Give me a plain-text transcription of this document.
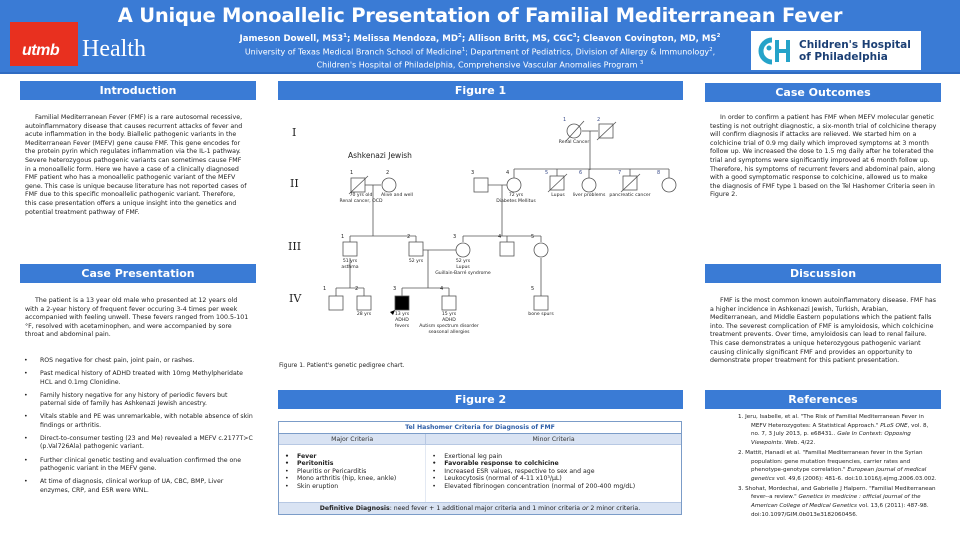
utmb Health
A Unique Monoallelic Presentation of Familial Mediterranean Fever
Jameson Dowell, $MS3^1$; Melissa Mendoza, $MD^2$; Allison Britt, MS, CGC$^3$; Cleavon Covington, MD, $MS^2$
University of Texas Medical Branch School of Medicine$^1$; Department of Pediatrics, Division of Allergy & Immunology$^2$,
Children's Hospital of Philadelphia, Comprehensive Vascular Anomalies Program $^3$
Children's Hospital
of Philadelphia
Introduction
Familial Mediterranean Fever (FMF) is a rare autosomal recessive, autoinflammatory disease that causes recurrent attacks of fever and acute inflammation in the body. Biallelic pathogenic variants in the Mediterranean Fever (MEFV) gene cause FMF. This gene encodes for the protein pyrin which regulates inflammation via the IL-1 pathway. Severe heterozygous pathogenic variants can sometimes cause FMF in a monoallelic form. Here we have a case of a clinically diagnosed FMF patient who has a monoallelic pathogenic variant of the MEFV gene. This case is unique because literature has not reported cases of FMF due to this specific monoallelic pathogenic variant. Therefore, this case presentation offers a unique insight into the genetics and potential treatment pathway of FMF.
Case Presentation
The patient is a 13 year old male who presented at 12 years old with a 2-year history of frequent fever occuring 3-4 times per week accompanied with feeling unwell. These fevers ranged from 100.5-101 °F, resolved with acetaminophen, and were accompanied by sore throat and abdominal pain.
• ROS negative for chest pain, joint pain, or rashes.
• Past medical history of ADHD treated with 10mg Methylpheridate HCL and 0.1mg Clonidine.
• Family history negative for any history of periodic fevers but paternal side of family has Ashkenazi Jewish ancestry.
• Vitals stable and PE was unremarkable, with notable absence of skin findings or arthritis.
• Direct-to-consumer testing (23 and Me) revealed a MEFV c.2177T>C (p.Val726Ala) pathogenic variant.
• Further clinical genetic testing and evaluation confirmed the one pathogenic variant in the MEFV gene.
• At time of diagnosis, clinical workup of UA, CBC, BMP, Liver enzymes, CRP, and ESR were WNL.
Figure 1
I
II
III
IV
Ashkenazi Jewish
1	2
1	2	3	4	5	6	7	8
1	2	3	4	5
1	2	3	4	5
Renal Cancer
70 yrs old
Renal cancer, OCD
Alive and well	72 yrs
Diabetes Mellitus
Lupus liver problems pancreatic cancer
51 yrs
asthma
52 yrs	52 yrs
Lupus
Guillain-Barré syndrome
28 yrs	13 yrs
ADHD
fevers
15 yrs
ADHD
Autism spectrum disorder
seasonal allergies
bone spurs
Figure 1. Patient's genetic pedigree chart.
Figure 2
Tel Hashomer Criteria for Diagnosis of FMF
Major Criteria	Minor Criteria
• Fever
• Peritonitis
• Pleuritis or Pericarditis
• Mono arthritis (hip, knee, ankle)
• Skin eruption
• Exertional leg pain
• Favorable response to colchicine
• Increased ESR values, respective to sex and age
• Leukocytosis (normal of 4-11 x10³/µL)
• Elevated fibrinogen concentration (normal of 200-400 mg/dL)
Definitive Diagnosis: need fever + 1 additional major criteria and 1 minor criteria or 2 minor criteria.
Case Outcomes
In order to confirm a patient has FMF when MEFV molecular genetic testing is not outright diagnostic, a six-month trial of colchicine therapy will confirm diagnosis if attacks are relieved. We started him on a colchicine trial of 0.9 mg daily which improved symptoms at 3 month follow up. We increased the dose to 1.5 mg daily after he tolerated the trial and symptoms were significantly improved at 6 month follow up. Therefore, his symptoms of recurrent fevers and abdominal pain, along with a good symptomatic response to colchicine, allowed us to make the diagnosis of FMF type 1 based on the Tel Hashomer Criteria seen in Figure 2.
Discussion
FMF is the most common known autoinflammatory disease. FMF has a higher incidence in Ashkenazi Jewish, Turkish, Arabian, Mediterranean, and Middle Eastern populations which the patient falls into. The severest complication of FMF is amyloidosis, which colchicine treatment prevents. Over time, amyloidosis can lead to renal failure. This case demonstrates a unique heterozygous pathogenic variant causing clinically significant FMF and provides an opportunity to demonstrate proper treatment for this patient presentation.
References
1. Jeru, Isabelle, et al. "The Risk of Familial Mediterranean Fever in MEFV Heterozygotes: A Statistical Approach." PLoS ONE, vol. 8, no. 7, 3 July 2013, p. e68431.. Gale In Context: Opposing Viewpoints. Web. 4/22.
2. Mattit, Hanadi et al. "Familial Mediterranean fever in the Syrian population: gene mutation frequencies, carrier rates and phenotype-genotype correlation." European journal of medical genetics vol. 49,6 (2006): 481-6. doi:10.1016/j.ejmg.2006.03.002.
3. Shohat, Mordechai, and Gabrielle J Halpern. "Familial Mediterranean fever--a review." Genetics in medicine : official journal of the American College of Medical Genetics vol. 13,6 (2011): 487-98. doi:10.1097/GIM.0b013e3182060456.
